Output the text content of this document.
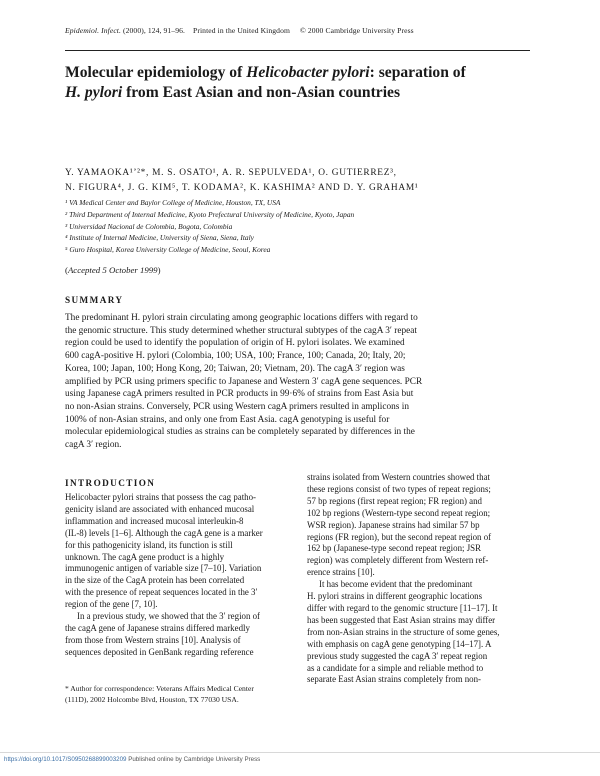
Epidemiol. Infect. (2000), 124, 91–96. Printed in the United Kingdom © 2000 Cambridge University Press
Molecular epidemiology of Helicobacter pylori: separation of
H. pylori from East Asian and non-Asian countries
Y. YAMAOKA¹ʼ²*, M. S. OSATO¹, A. R. SEPULVEDA¹, O. GUTIERREZ³,
N. FIGURA⁴, J. G. KIM⁵, T. KODAMA², K. KASHIMA² AND D. Y. GRAHAM¹
¹ VA Medical Center and Baylor College of Medicine, Houston, TX, USA
² Third Department of Internal Medicine, Kyoto Prefectural University of Medicine, Kyoto, Japan
³ Universidad Nacional de Colombia, Bogota, Colombia
⁴ Institute of Internal Medicine, University of Siena, Siena, Italy
⁵ Guro Hospital, Korea University College of Medicine, Seoul, Korea
(Accepted 5 October 1999)
SUMMARY
The predominant H. pylori strain circulating among geographic locations differs with regard to
the genomic structure. This study determined whether structural subtypes of the cagA 3′ repeat
region could be used to identify the population of origin of H. pylori isolates. We examined
600 cagA-positive H. pylori (Colombia, 100; USA, 100; France, 100; Canada, 20; Italy, 20;
Korea, 100; Japan, 100; Hong Kong, 20; Taiwan, 20; Vietnam, 20). The cagA 3′ region was
amplified by PCR using primers specific to Japanese and Western 3′ cagA gene sequences. PCR
using Japanese cagA primers resulted in PCR products in 99·6% of strains from East Asia but
no non-Asian strains. Conversely, PCR using Western cagA primers resulted in amplicons in
100% of non-Asian strains, and only one from East Asia. cagA genotyping is useful for
molecular epidemiological studies as strains can be completely separated by differences in the
cagA 3′ region.
INTRODUCTION
Helicobacter pylori strains that possess the cag patho-
genicity island are associated with enhanced mucosal
inflammation and increased mucosal interleukin-8
(IL-8) levels [1–6]. Although the cagA gene is a marker
for this pathogenicity island, its function is still
unknown. The cagA gene product is a highly
immunogenic antigen of variable size [7–10]. Variation
in the size of the CagA protein has been correlated
with the presence of repeat sequences located in the 3′
region of the gene [7, 10].
In a previous study, we showed that the 3′ region of
the cagA gene of Japanese strains differed markedly
from those from Western strains [10]. Analysis of
sequences deposited in GenBank regarding reference
strains isolated from Western countries showed that
these regions consist of two types of repeat regions;
57 bp regions (first repeat region; FR region) and
102 bp regions (Western-type second repeat region;
WSR region). Japanese strains had similar 57 bp
regions (FR region), but the second repeat region of
162 bp (Japanese-type second repeat region; JSR
region) was completely different from Western ref-
erence strains [10].
It has become evident that the predominant
H. pylori strains in different geographic locations
differ with regard to the genomic structure [11–17]. It
has been suggested that East Asian strains may differ
from non-Asian strains in the structure of some genes,
with emphasis on cagA gene genotyping [14–17]. A
previous study suggested the cagA 3′ repeat region
as a candidate for a simple and reliable method to
separate East Asian strains completely from non-
* Author for correspondence: Veterans Affairs Medical Center
(111D), 2002 Holcombe Blvd, Houston, TX 77030 USA.
https://doi.org/10.1017/S0950268899003209 Published online by Cambridge University Press
